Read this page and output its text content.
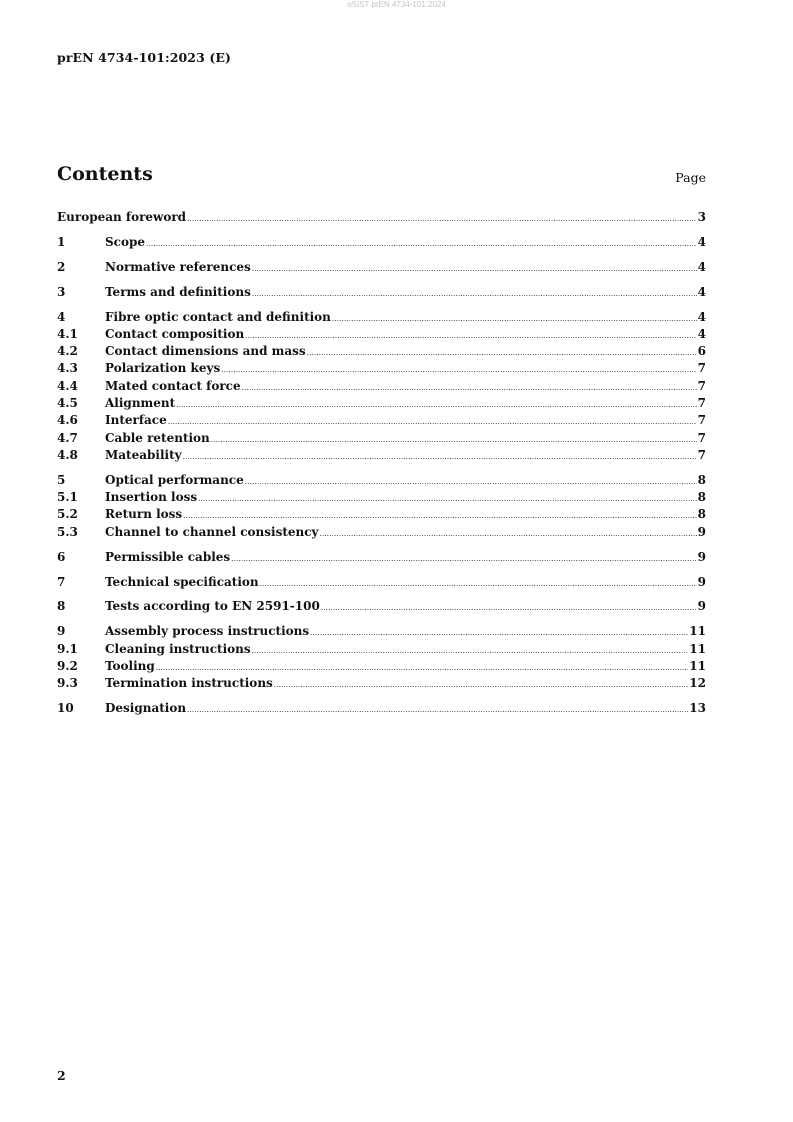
oSIST prEN 4734-101:2024
prEN 4734-101:2023 (E)
Contents	Page
European foreword .....	3
1	Scope .....	4
2	Normative references .....	4
3	Terms and definitions .....	4
4	Fibre optic contact and definition .....	4
4.1	Contact composition .....	4
4.2	Contact dimensions and mass .....	6
4.3	Polarization keys .....	7
4.4	Mated contact force .....	7
4.5	Alignment .....	7
4.6	Interface .....	7
4.7	Cable retention .....	7
4.8	Mateability .....	7
5	Optical performance .....	8
5.1	Insertion loss .....	8
5.2	Return loss .....	8
5.3	Channel to channel consistency .....	9
6	Permissible cables .....	9
7	Technical specification .....	9
8	Tests according to EN 2591-100 .....	9
9	Assembly process instructions .....	11
9.1	Cleaning instructions .....	11
9.2	Tooling .....	11
9.3	Termination instructions .....	12
10	Designation .....	13
2
